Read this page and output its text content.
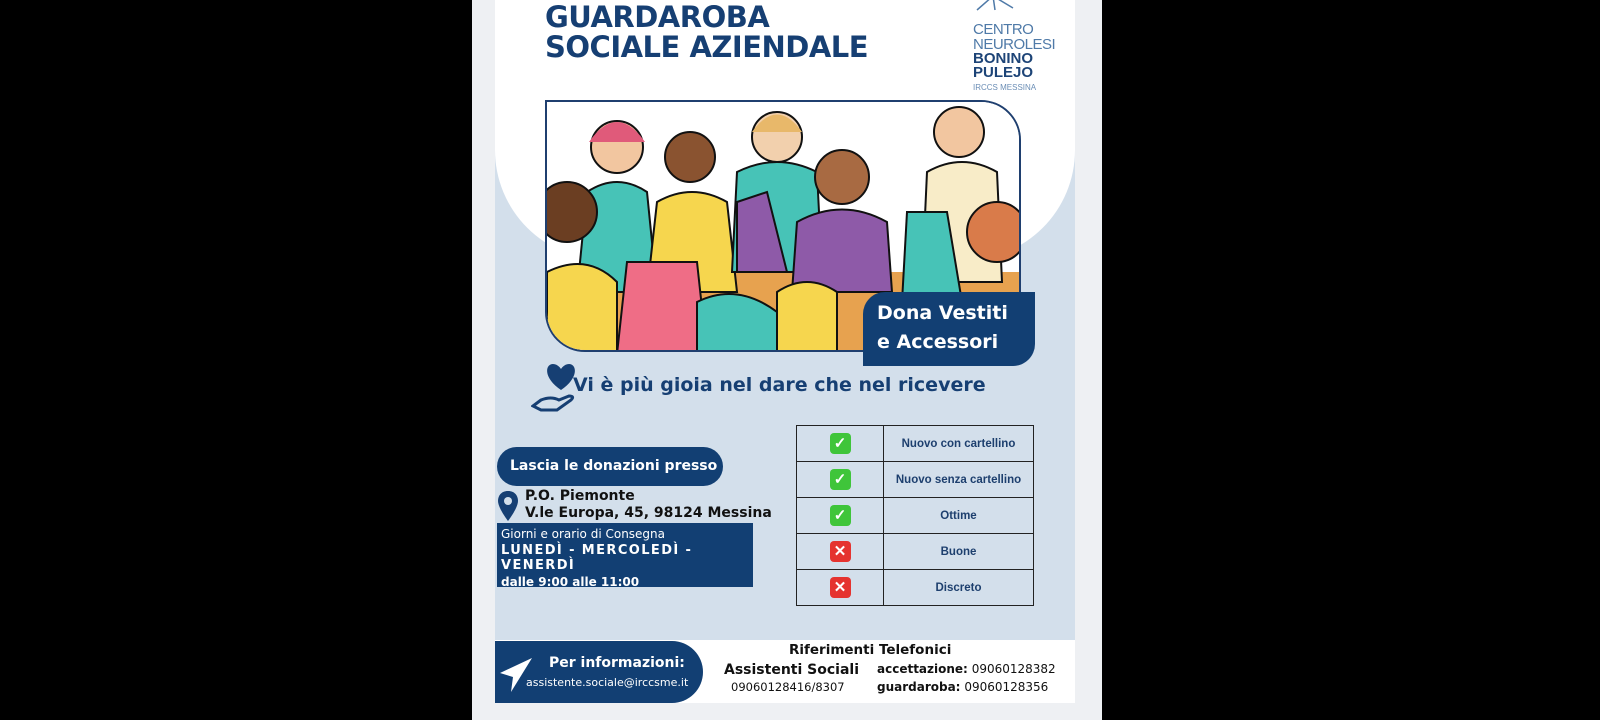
GUARDAROBA
SOCIALE AZIENDALE
CENTRO
NEUROLESI
BONINO
PULEJO
IRCCS MESSINA
Dona Vestiti
e Accessori
Vi è più gioia nel dare che nel ricevere
Lascia le donazioni presso
P.O. Piemonte
V.le Europa, 45, 98124 Messina
Giorni e orario di Consegna
LUNEDÌ - MERCOLEDÌ -VENERDÌ
dalle 9:00 alle 11:00
✓	Nuovo con cartellino
✓	Nuovo senza cartellino
✓	Ottime
✕	Buone
✕	Discreto
Per informazioni:
assistente.sociale@irccsme.it
Riferimenti Telefonici
Assistenti Sociali
09060128416/8307
accettazione: 09060128382
guardaroba: 09060128356
